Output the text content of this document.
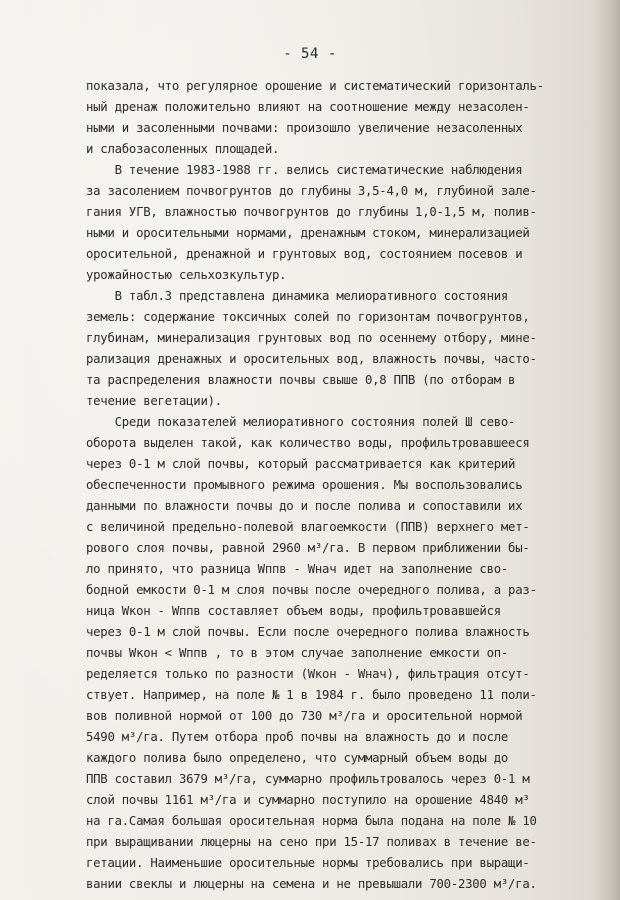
- 54 -
показала, что регулярное орошение и сиcтематический горизонталь-
ный дренаж положительно влияют на соотношение между незасолен-
ными и засоленными почвами: произошло увеличение незасоленных
и слабозасоленных площадей.
В течение 1983-1988 гг. велись систематические наблюдения
за засолением почвогрунтов до глубины 3,5-4,0 м, глубиной зале-
гания УГВ, влажностью почвогрунтов до глубины 1,0-1,5 м, полив-
ными и оросительными нормами, дренажным стоком, минерализацией
оросительной, дренажной и грунтовых вод, состоянием посевов и
урожайностью сельхозкультур.
В табл.3 представлена динамика мелиоративного состояния
земель: содержание токсичных солей по горизонтам почвогрунтов,
глубинам, минерализация грунтовых вод по осеннему отбору, мине-
рализация дренажных и оросительных вод, влажность почвы, часто-
та распределения влажности почвы свыше 0,8 ППВ (по отборам в
течение вегетации).
Среди показателей мелиоративного состояния полей Ш сево-
оборота выделен такой, как количество воды, профильтровавшееся
через 0-1 м слой почвы, который рассматривается как критерий
обеспеченности промывного режима орошения. Мы воспользовались
данными по влажности почвы до и после полива и сопоставили их
с величиной предельно-полевой влагоемкости (ППВ) верхнего мет-
рового слоя почвы, равной 2960 м³/га. В первом приближении бы-
ло принято, что разница Wппв - Wнач идет на заполнение сво-
бодной емкости 0-1 м слоя почвы после очередного полива, а раз-
ница Wкон - Wппв составляет объем воды, профильтровавшейся
через 0-1 м слой почвы. Если после очередного полива влажность
почвы Wкон < Wппв , то в этом случае заполнение емкости оп-
ределяется только по разности (Wкон - Wнач), фильтрация отсут-
ствует. Например, на поле № 1 в 1984 г. было проведено 11 поли-
вов поливной нормой от 100 до 730 м³/га и оросительной нормой
5490 м³/га. Путем отбора проб почвы на влажность до и после
каждого полива было определено, что суммарный объем воды до
ППВ составил 3679 м³/га, суммарно профильтровалось через 0-1 м
слой почвы 1161 м³/га и суммарно поступило на орошение 4840 м³
на га.Самая большая оросительная норма была подана на поле № 10
при выращивании люцерны на сено при 15-17 поливах в течение ве-
гетации. Наименьшие оросительные нормы требовались при выращи-
вании свеклы и люцерны на семена и не превышали 700-2300 м³/га.
